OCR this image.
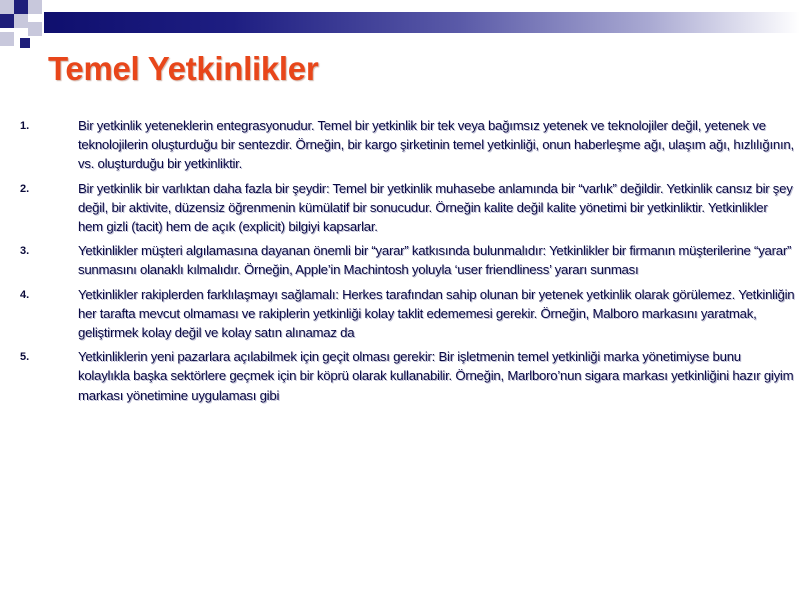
Temel Yetkinlikler
1.	Bir yetkinlik yeteneklerin entegrasyonudur. Temel bir yetkinlik bir tek veya bağımsız yetenek ve teknolojiler değil, yetenek ve teknolojilerin oluşturduğu bir sentezdir. Örneğin, bir kargo şirketinin temel yetkinliği, onun haberleşme ağı, ulaşım ağı, hızlılığının, vs. oluşturduğu bir yetkinliktir.
2.	Bir yetkinlik bir varlıktan daha fazla bir şeydir: Temel bir yetkinlik muhasebe anlamında bir “varlık” değildir. Yetkinlik cansız bir şey değil, bir aktivite, düzensiz öğrenmenin kümülatif bir sonucudur. Örneğin kalite değil kalite yönetimi bir yetkinliktir. Yetkinlikler hem gizli (tacit) hem de açık (explicit) bilgiyi kapsarlar.
3.	Yetkinlikler müşteri algılamasına dayanan önemli bir “yarar” katkısında bulunmalıdır: Yetkinlikler bir firmanın müşterilerine “yarar” sunmasını olanaklı kılmalıdır. Örneğin, Apple’in Machintosh yoluyla ‘user friendliness’ yararı sunması
4.	Yetkinlikler rakiplerden farklılaşmayı sağlamalı: Herkes tarafından sahip olunan bir yetenek yetkinlik olarak görülemez. Yetkinliğin her tarafta mevcut olmaması ve rakiplerin yetkinliği kolay taklit edememesi gerekir. Örneğin, Malboro markasını yaratmak, geliştirmek kolay değil ve kolay satın alınamaz da
5.	Yetkinliklerin yeni pazarlara açılabilmek için geçit olması gerekir: Bir işletmenin temel yetkinliği marka yönetimiyse bunu kolaylıkla başka sektörlere geçmek için bir köprü olarak kullanabilir. Örneğin, Marlboro’nun sigara markası yetkinliğini hazır giyim markası yönetimine uygulaması gibi
